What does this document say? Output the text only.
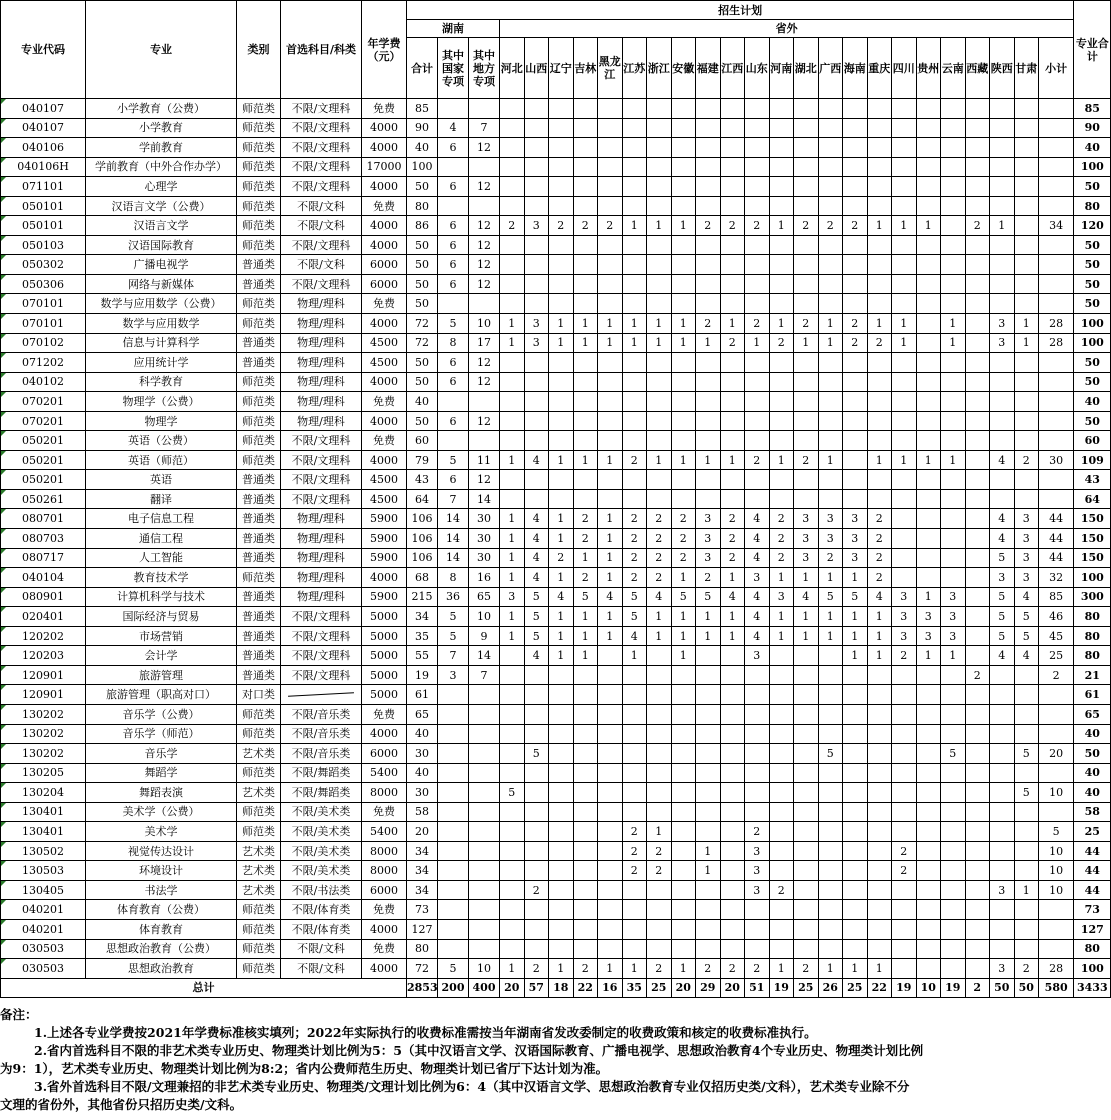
专业代码	专业	类别	首选科目/科类	年学费（元）	招生计划																										专业合计
					湖南			省外																							
					合计	其中国家专项	其中地方专项	河北	山西	辽宁	吉林	黑龙江	江苏	浙江	安徽	福建	江西	山东	河南	湖北	广西	海南	重庆	四川	贵州	云南	西藏	陕西	甘肃	小计	
040107	小学教育（公费）	师范类	不限/文理科	免费	85																										85
040107	小学教育	师范类	不限/文理科	4000	90	4	7																								90
040106	学前教育	师范类	不限/文理科	4000	40	6	12																								40
040106H	学前教育（中外合作办学）	师范类	不限/文理科	17000	100																										100
071101	心理学	师范类	不限/文理科	4000	50	6	12																								50
050101	汉语言文学（公费）	师范类	不限/文科	免费	80																										80
050101	汉语言文学	师范类	不限/文科	4000	86	6	12	2	3	2	2	2	1	1	1	2	2	2	1	2	2	2	1	1	1		2	1		34	120
050103	汉语国际教育	师范类	不限/文理科	4000	50	6	12																								50
050302	广播电视学	普通类	不限/文科	6000	50	6	12																								50
050306	网络与新媒体	普通类	不限/文理科	6000	50	6	12																								50
070101	数学与应用数学（公费）	师范类	物理/理科	免费	50																										50
070101	数学与应用数学	师范类	物理/理科	4000	72	5	10	1	3	1	1	1	1	1	1	2	1	2	1	2	1	2	1	1		1		3	1	28	100
070102	信息与计算科学	普通类	物理/理科	4500	72	8	17	1	3	1	1	1	1	1	1	1	2	1	2	1	1	2	2	1		1		3	1	28	100
071202	应用统计学	普通类	物理/理科	4500	50	6	12																								50
040102	科学教育	师范类	物理/理科	4000	50	6	12																								50
070201	物理学（公费）	师范类	物理/理科	免费	40																										40
070201	物理学	师范类	物理/理科	4000	50	6	12																								50
050201	英语（公费）	师范类	不限/文理科	免费	60																										60
050201	英语（师范）	师范类	不限/文理科	4000	79	5	11	1	4	1	1	1	2	1	1	1	1	2	1	2	1		1	1	1	1		4	2	30	109
050201	英语	普通类	不限/文理科	4500	43	6	12																								43
050261	翻译	普通类	不限/文理科	4500	64	7	14																								64
080701	电子信息工程	普通类	物理/理科	5900	106	14	30	1	4	1	2	1	2	2	2	3	2	4	2	3	3	3	2					4	3	44	150
080703	通信工程	普通类	物理/理科	5900	106	14	30	1	4	1	2	1	2	2	2	3	2	4	2	3	3	3	2					4	3	44	150
080717	人工智能	普通类	物理/理科	5900	106	14	30	1	4	2	1	1	2	2	2	3	2	4	2	3	2	3	2					5	3	44	150
040104	教育技术学	师范类	物理/理科	4000	68	8	16	1	4	1	2	1	2	2	1	2	1	3	1	1	1	1	2					3	3	32	100
080901	计算机科学与技术	普通类	物理/理科	5900	215	36	65	3	5	4	5	4	5	4	5	5	4	4	3	4	5	5	4	3	1	3		5	4	85	300
020401	国际经济与贸易	普通类	不限/文理科	5000	34	5	10	1	5	1	1	1	5	1	1	1	1	4	1	1	1	1	1	3	3	3		5	5	46	80
120202	市场营销	普通类	不限/文理科	5000	35	5	9	1	5	1	1	1	4	1	1	1	1	4	1	1	1	1	1	3	3	3		5	5	45	80
120203	会计学	普通类	不限/文理科	5000	55	7	14		4	1	1		1		1			3				1	1	2	1	1		4	4	25	80
120901	旅游管理	普通类	不限/文理科	5000	19	3	7																				2			2	21
120901	旅游管理（职高对口）	对口类		5000	61																										61
130202	音乐学（公费）	师范类	不限/音乐类	免费	65																										65
130202	音乐学（师范）	师范类	不限/音乐类	4000	40																										40
130202	音乐学	艺术类	不限/音乐类	6000	30				5												5					5			5	20	50
130205	舞蹈学	师范类	不限/舞蹈类	5400	40																										40
130204	舞蹈表演	艺术类	不限/舞蹈类	8000	30			5																					5	10	40
130401	美术学（公费）	师范类	不限/美术类	免费	58																										58
130401	美术学	师范类	不限/美术类	5400	20								2	1				2												5	25
130502	视觉传达设计	艺术类	不限/美术类	8000	34								2	2		1		3						2						10	44
130503	环境设计	艺术类	不限/美术类	8000	34								2	2		1		3						2						10	44
130405	书法学	艺术类	不限/书法类	6000	34				2									3	2									3	1	10	44
040201	体育教育（公费）	师范类	不限/体育类	免费	73																										73
040201	体育教育	师范类	不限/体育类	4000	127																										127
030503	思想政治教育（公费）	师范类	不限/文科	免费	80																										80
030503	思想政治教育	师范类	不限/文科	4000	72	5	10	1	2	1	2	1	1	2	1	2	2	2	1	2	1	1	1					3	2	28	100
总计					2853	200	400	20	57	18	22	16	35	25	20	29	20	51	19	25	26	25	22	19	10	19	2	50	50	580	3433

备注：

1.上述各专业学费按2021年学费标准核实填列；2022年实际执行的收费标准需按当年湖南省发改委制定的收费政策和核定的收费标准执行。

2.省内首选科目不限的非艺术类专业历史、物理类计划比例为5：5（其中汉语言文学、汉语国际教育、广播电视学、思想政治教育4个专业历史、物理类计划比例

为9：1），艺术类专业历史、物理类计划比例为8:2；省内公费师范生历史、物理类计划已省厅下达计划为准。

3.省外首选科目不限/文理兼招的非艺术类专业历史、物理类/文理计划比例为6：4（其中汉语言文学、思想政治教育专业仅招历史类/文科），艺术类专业除不分

文理的省份外，其他省份只招历史类/文科。
